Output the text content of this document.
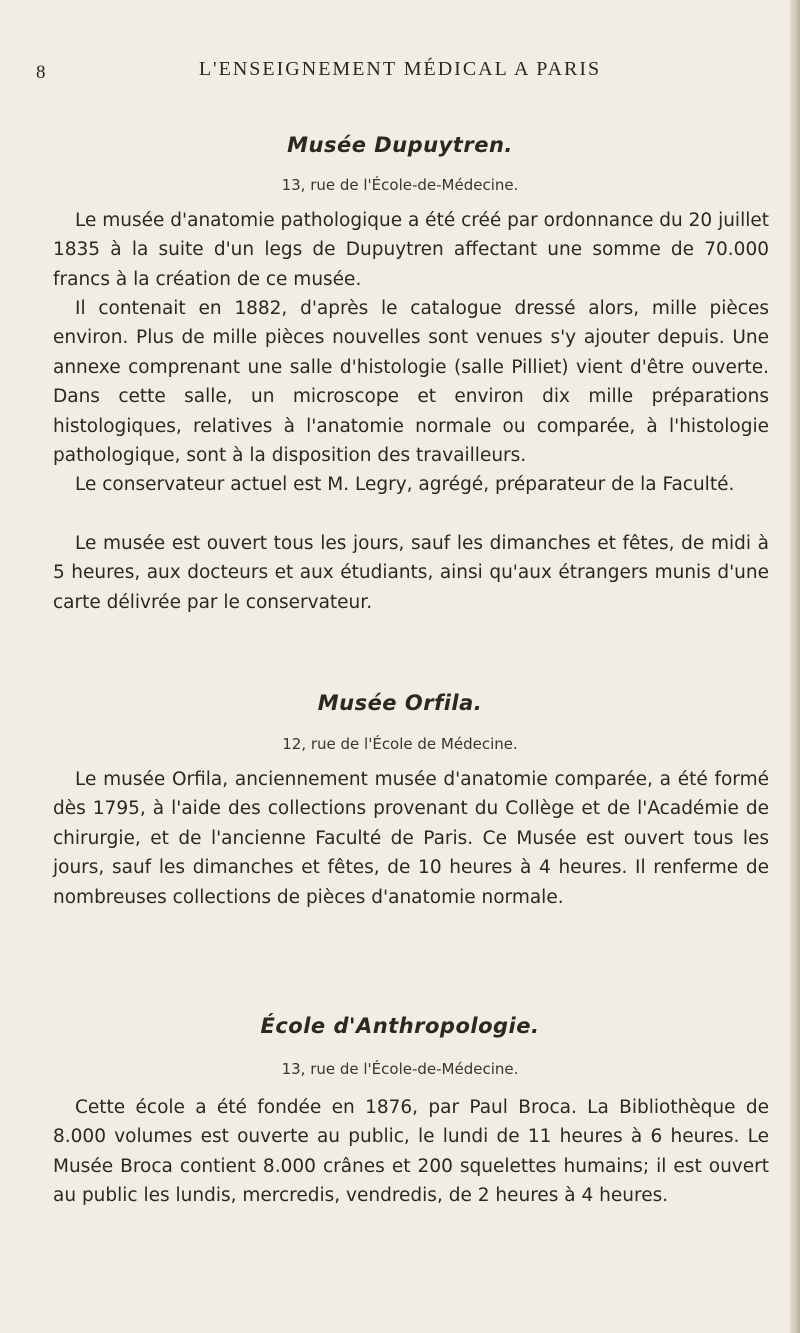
8	L'ENSEIGNEMENT MÉDICAL A PARIS
Musée Dupuytren.
13, rue de l'École-de-Médecine.

Le musée d'anatomie pathologique a été créé par ordonnance du 20 juillet 1835 à la suite d'un legs de Dupuytren affectant une somme de 70.000 francs à la création de ce musée.

Il contenait en 1882, d'après le catalogue dressé alors, mille pièces environ. Plus de mille pièces nouvelles sont venues s'y ajouter depuis. Une annexe comprenant une salle d'histologie (salle Pilliet) vient d'être ouverte. Dans cette salle, un microscope et environ dix mille préparations histologiques, relatives à l'anatomie normale ou comparée, à l'histologie pathologique, sont à la disposition des travailleurs.

Le conservateur actuel est M. Legry, agrégé, préparateur de la Faculté.

Le musée est ouvert tous les jours, sauf les dimanches et fêtes, de midi à 5 heures, aux docteurs et aux étudiants, ainsi qu'aux étrangers munis d'une carte délivrée par le conservateur.

Musée Orfila.
12, rue de l'École de Médecine.

Le musée Orfila, anciennement musée d'anatomie comparée, a été formé dès 1795, à l'aide des collections provenant du Collège et de l'Académie de chirurgie, et de l'ancienne Faculté de Paris. Ce Musée est ouvert tous les jours, sauf les dimanches et fêtes, de 10 heures à 4 heures. Il renferme de nombreuses collections de pièces d'anatomie normale.

École d'Anthropologie.
13, rue de l'École-de-Médecine.

Cette école a été fondée en 1876, par Paul Broca. La Bibliothèque de 8.000 volumes est ouverte au public, le lundi de 11 heures à 6 heures. Le Musée Broca contient 8.000 crânes et 200 squelettes humains; il est ouvert au public les lundis, mercredis, vendredis, de 2 heures à 4 heures.
